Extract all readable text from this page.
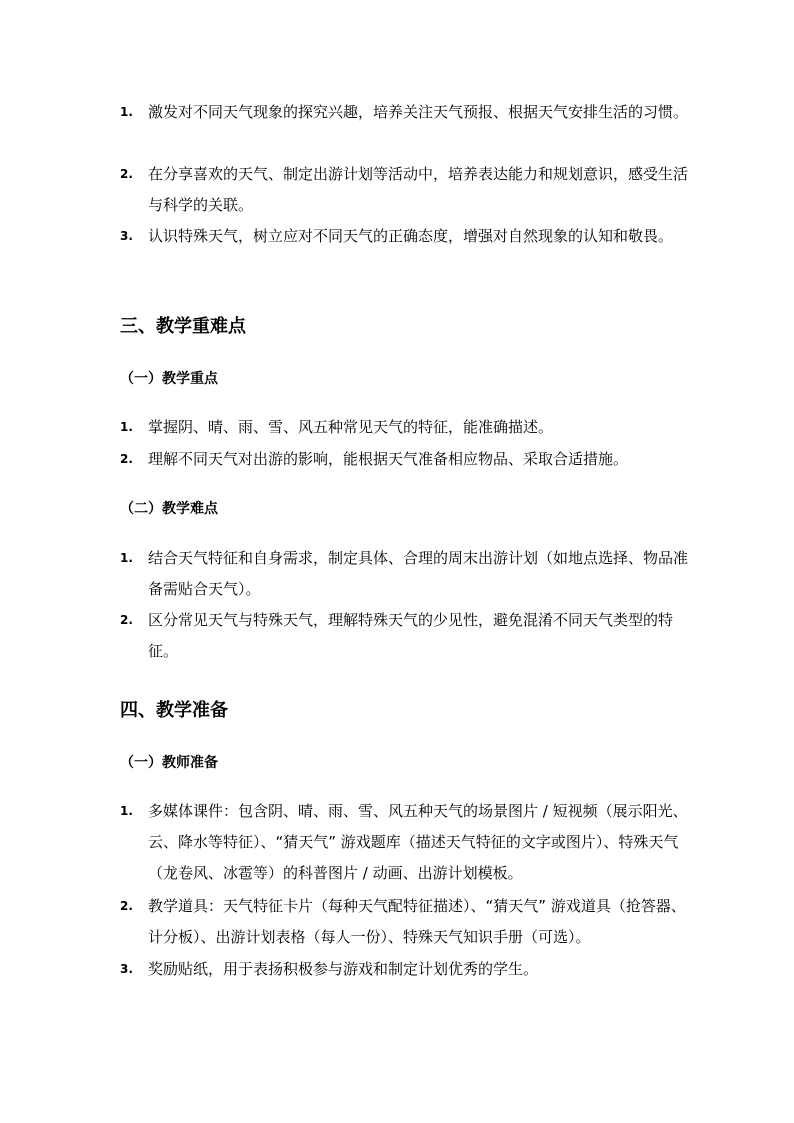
1. 激发对不同天气现象的探究兴趣，培养关注天气预报、根据天气安排生活的习惯。
2. 在分享喜欢的天气、制定出游计划等活动中，培养表达能力和规划意识，感受生活与科学的关联。
3. 认识特殊天气，树立应对不同天气的正确态度，增强对自然现象的认知和敬畏。
三、教学重难点
（一）教学重点
1. 掌握阴、晴、雨、雪、风五种常见天气的特征，能准确描述。
2. 理解不同天气对出游的影响，能根据天气准备相应物品、采取合适措施。
（二）教学难点
1. 结合天气特征和自身需求，制定具体、合理的周末出游计划（如地点选择、物品准备需贴合天气）。
2. 区分常见天气与特殊天气，理解特殊天气的少见性，避免混淆不同天气类型的特征。
四、教学准备
（一）教师准备
1. 多媒体课件：包含阴、晴、雨、雪、风五种天气的场景图片 / 短视频（展示阳光、云、降水等特征）、“猜天气” 游戏题库（描述天气特征的文字或图片）、特殊天气（龙卷风、冰雹等）的科普图片 / 动画、出游计划模板。
2. 教学道具：天气特征卡片（每种天气配特征描述）、“猜天气” 游戏道具（抢答器、计分板）、出游计划表格（每人一份）、特殊天气知识手册（可选）。
3. 奖励贴纸，用于表扬积极参与游戏和制定计划优秀的学生。
